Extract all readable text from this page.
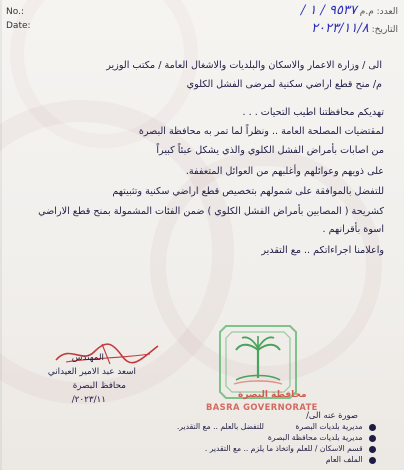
No.:
Date:
العدد: م.م ٩٥٣٧ / ١ /
التاريخ: ٢٠٢٣/١١/٨
الى / وزارة الاعمار والاسكان والبلديات والاشغال العامة / مكتب الوزير
م/ منح قطع اراضي سكنية لمرضى الفشل الكلوي
تهديكم محافظتنا اطيب التحيات . . .
لمقتضيات المصلحة العامة .. ونظراً لما تمر به محافظة البصرة
من اصابات بأمراض الفشل الكلوي والذي يشكل عبئاً كبيراً
على ذويهم وعوائلهم وأغلبهم من العوائل المتعففة.
للتفضل بالموافقة على شمولهم بتخصيص قطع اراضي سكنية وتثبيتهم
كشريحة ( المصابين بأمراض الفشل الكلوي ) ضمن الفئات المشمولة بمنح قطع الاراضي
اسوة بأقرانهم .
واعلامنا اجراءاتكم .. مع التقدير
المهندس
اسعد عبد الامير العيداني
محافظ البصرة
٢٠٢٣/١١/	محافظة البصرة
BASRA GOVERNORATE
صورة عنه الى/
مديرية بلديات البصرة
للتفضل بالعلم .. مع التقدير.
مديرية بلديات محافظة البصرة
قسم الاسكان / للعلم واتخاذ ما يلزم .. مع التقدير .
الملف العام
